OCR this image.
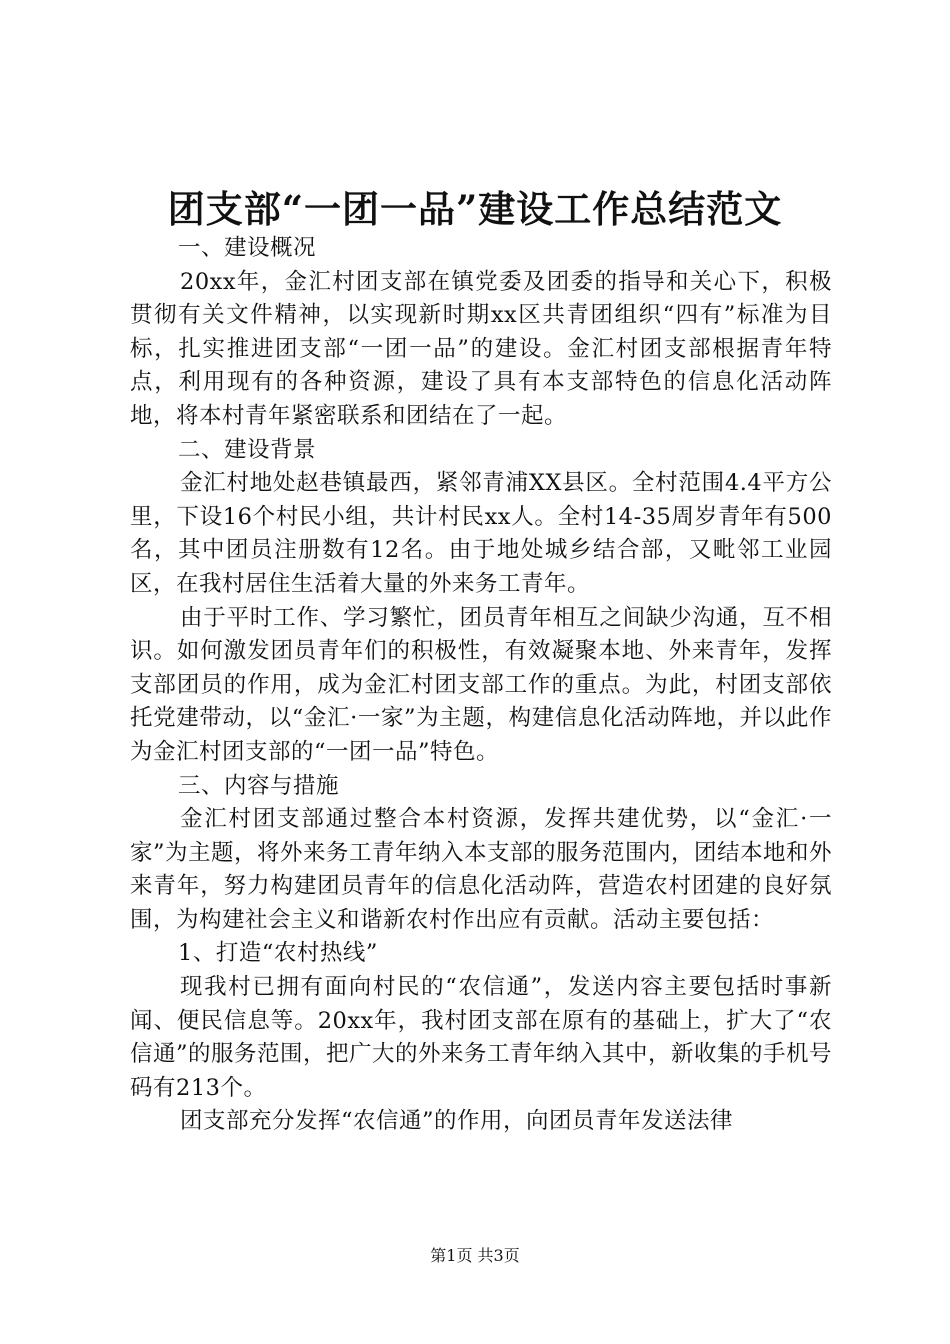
团支部“一团一品”建设工作总结范文

一、建设概况

20xx年，金汇村团支部在镇党委及团委的指导和关心下，积极贯彻有关文件精神，以实现新时期xx区共青团组织“四有”标准为目标，扎实推进团支部“一团一品”的建设。金汇村团支部根据青年特点，利用现有的各种资源，建设了具有本支部特色的信息化活动阵地，将本村青年紧密联系和团结在了一起。

二、建设背景

金汇村地处赵巷镇最西，紧邻青浦XX县区。全村范围4.4平方公里，下设16个村民小组，共计村民xx人。全村14-35周岁青年有500名，其中团员注册数有12名。由于地处城乡结合部，又毗邻工业园区，在我村居住生活着大量的外来务工青年。

由于平时工作、学习繁忙，团员青年相互之间缺少沟通，互不相识。如何激发团员青年们的积极性，有效凝聚本地、外来青年，发挥支部团员的作用，成为金汇村团支部工作的重点。为此，村团支部依托党建带动，以“金汇·一家”为主题，构建信息化活动阵地，并以此作为金汇村团支部的“一团一品”特色。

三、内容与措施

金汇村团支部通过整合本村资源，发挥共建优势，以“金汇·一家”为主题，将外来务工青年纳入本支部的服务范围内，团结本地和外来青年，努力构建团员青年的信息化活动阵，营造农村团建的良好氛围，为构建社会主义和谐新农村作出应有贡献。活动主要包括：

1、打造“农村热线”

现我村已拥有面向村民的“农信通”，发送内容主要包括时事新闻、便民信息等。20xx年，我村团支部在原有的基础上，扩大了“农信通”的服务范围，把广大的外来务工青年纳入其中，新收集的手机号码有213个。

团支部充分发挥“农信通”的作用，向团员青年发送法律

第1页 共3页
